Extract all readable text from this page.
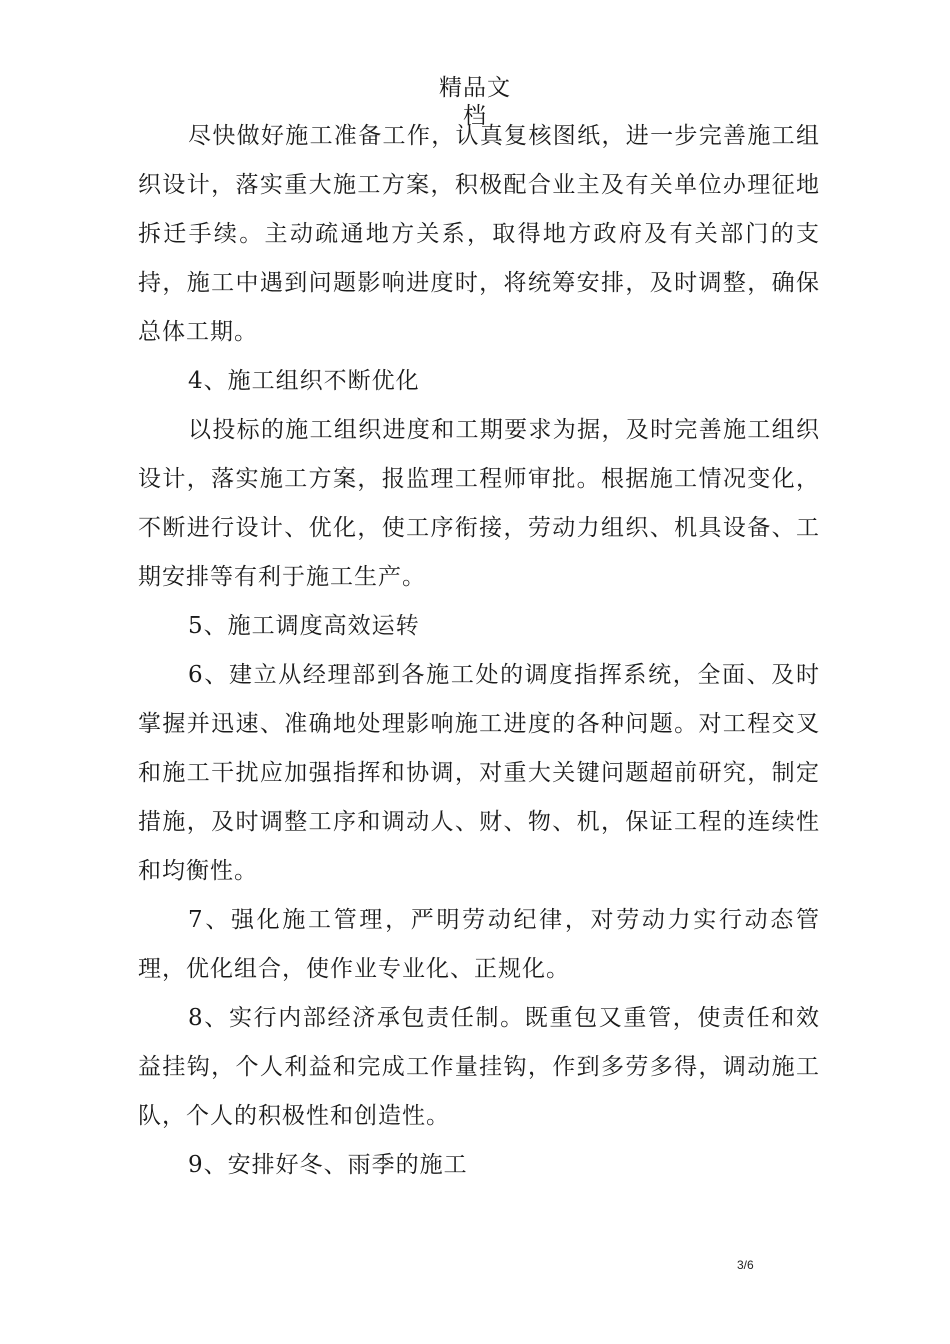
精品文
档

尽快做好施工准备工作，认真复核图纸，进一步完善施工组织设计，落实重大施工方案，积极配合业主及有关单位办理征地拆迁手续。主动疏通地方关系，取得地方政府及有关部门的支持，施工中遇到问题影响进度时，将统筹安排，及时调整，确保总体工期。

4、施工组织不断优化

以投标的施工组织进度和工期要求为据，及时完善施工组织设计，落实施工方案，报监理工程师审批。根据施工情况变化，不断进行设计、优化，使工序衔接，劳动力组织、机具设备、工期安排等有利于施工生产。

5、施工调度高效运转

6、建立从经理部到各施工处的调度指挥系统，全面、及时掌握并迅速、准确地处理影响施工进度的各种问题。对工程交叉和施工干扰应加强指挥和协调，对重大关键问题超前研究，制定措施，及时调整工序和调动人、财、物、机，保证工程的连续性和均衡性。

7、强化施工管理，严明劳动纪律，对劳动力实行动态管理，优化组合，使作业专业化、正规化。

8、实行内部经济承包责任制。既重包又重管，使责任和效益挂钩，个人利益和完成工作量挂钩，作到多劳多得，调动施工队，个人的积极性和创造性。

9、安排好冬、雨季的施工

3/6
